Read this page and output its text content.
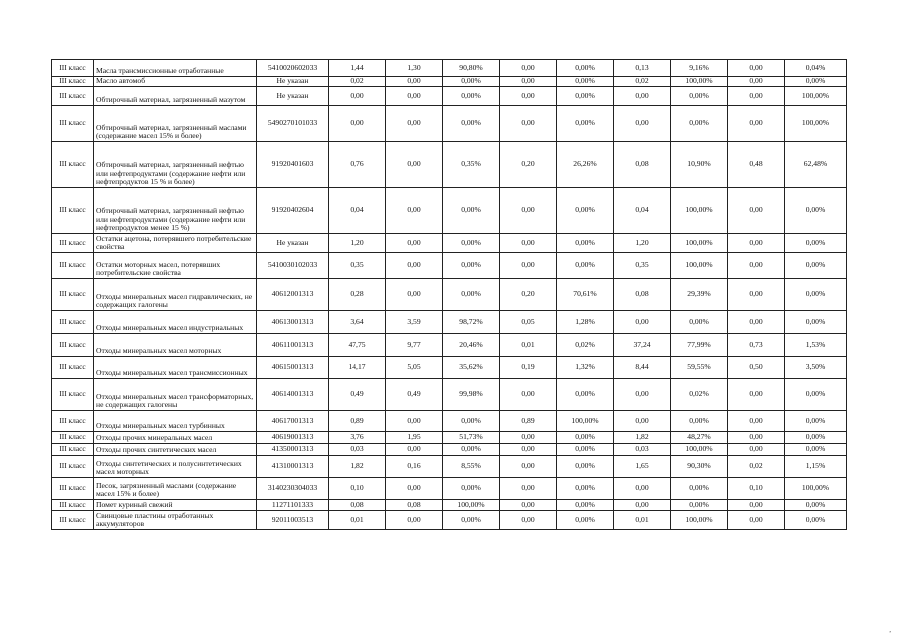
III класс	Масла трансмиссионные отработанные	5410020602033	1,44	1,30	90,80%	0,00	0,00%	0,13	9,16%	0,00	0,04%
III класс	Масло автомоб	Не указан	0,02	0,00	0,00%	0,00	0,00%	0,02	100,00%	0,00	0,00%
III класс	Обтирочный материал, загрязненный мазутом	Не указан	0,00	0,00	0,00%	0,00	0,00%	0,00	0,00%	0,00	100,00%
III класс	Обтирочный материал, загрязненный маслами (содержание масел 15% и более)	5490270101033	0,00	0,00	0,00%	0,00	0,00%	0,00	0,00%	0,00	100,00%
III класс	Обтирочный материал, загрязненный нефтью или нефтепродуктами (содержание нефти или нефтепродуктов 15 % и более)	91920401603	0,76	0,00	0,35%	0,20	26,26%	0,08	10,90%	0,48	62,48%
III класс	Обтирочный материал, загрязненный нефтью или нефтепродуктами (содержание нефти или нефтепродуктов менее 15 %)	91920402604	0,04	0,00	0,00%	0,00	0,00%	0,04	100,00%	0,00	0,00%
III класс	Остатки ацетона, потерявшего потребительские свойства	Не указан	1,20	0,00	0,00%	0,00	0,00%	1,20	100,00%	0,00	0,00%
III класс	Остатки моторных масел, потерявших потребительские свойства	5410030102033	0,35	0,00	0,00%	0,00	0,00%	0,35	100,00%	0,00	0,00%
III класс	Отходы минеральных масел гидравлических, не содержащих галогены	40612001313	0,28	0,00	0,00%	0,20	70,61%	0,08	29,39%	0,00	0,00%
III класс	Отходы минеральных масел индустриальных	40613001313	3,64	3,59	98,72%	0,05	1,28%	0,00	0,00%	0,00	0,00%
III класс	Отходы минеральных масел моторных	40611001313	47,75	9,77	20,46%	0,01	0,02%	37,24	77,99%	0,73	1,53%
III класс	Отходы минеральных масел трансмиссионных	40615001313	14,17	5,05	35,62%	0,19	1,32%	8,44	59,55%	0,50	3,50%
III класс	Отходы минеральных масел трансформаторных, не содержащих галогены	40614001313	0,49	0,49	99,98%	0,00	0,00%	0,00	0,02%	0,00	0,00%
III класс	Отходы минеральных масел турбинных	40617001313	0,89	0,00	0,00%	0,89	100,00%	0,00	0,00%	0,00	0,00%
III класс	Отходы прочих минеральных масел	40619001313	3,76	1,95	51,73%	0,00	0,00%	1,82	48,27%	0,00	0,00%
III класс	Отходы прочих синтетических масел	41350001313	0,03	0,00	0,00%	0,00	0,00%	0,03	100,00%	0,00	0,00%
III класс	Отходы синтетических и полусинтетических масел моторных	41310001313	1,82	0,16	8,55%	0,00	0,00%	1,65	90,30%	0,02	1,15%
III класс	Песок, загрязненный маслами (содержание масел 15% и более)	3140230304033	0,10	0,00	0,00%	0,00	0,00%	0,00	0,00%	0,10	100,00%
III класс	Помет куриный свежий	11271101333	0,08	0,08	100,00%	0,00	0,00%	0,00	0,00%	0,00	0,00%
III класс	Свинцовые пластины отработанных аккумуляторов	92011003513	0,01	0,00	0,00%	0,00	0,00%	0,01	100,00%	0,00	0,00%
,
